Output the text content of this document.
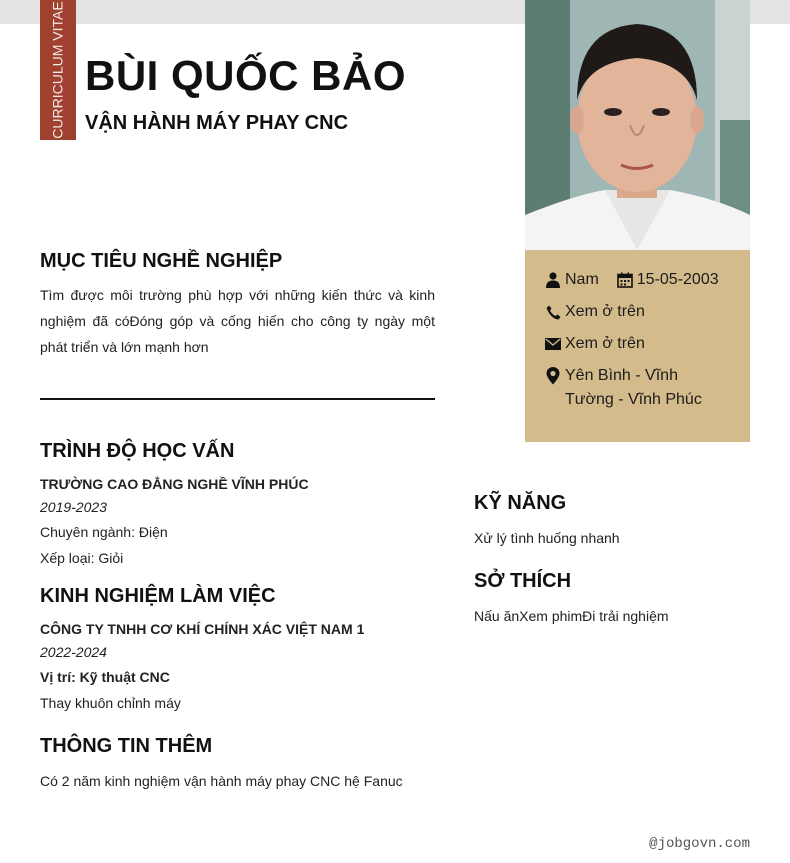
CURRICULUM VITAE BÙI QUỐC BẢO
VẬN HÀNH MÁY PHAY CNC
Nam 15-05-2003
Xem ở trên
Xem ở trên
Yên Bình - Vĩnh Tường - Vĩnh Phúc
MỤC TIÊU NGHỀ NGHIỆP
Tìm được môi trường phù hợp với những kiến thức và kinh nghiệm đã cóĐóng góp và cống hiến cho công ty ngày một phát triển và lớn mạnh hơn
TRÌNH ĐỘ HỌC VẤN
TRƯỜNG CAO ĐẲNG NGHỀ VĨNH PHÚC
2019-2023
Chuyên ngành: Điện
Xếp loại: Giỏi
KINH NGHIỆM LÀM VIỆC
CÔNG TY TNHH CƠ KHÍ CHÍNH XÁC VIỆT NAM 1
2022-2024
Vị trí: Kỹ thuật CNC
Thay khuôn chỉnh máy
THÔNG TIN THÊM
Có 2 năm kinh nghiệm vận hành máy phay CNC hệ Fanuc
KỸ NĂNG
Xử lý tình huống nhanh
SỞ THÍCH
Nấu ănXem phimĐi trải nghiệm
@jobgovn.com
